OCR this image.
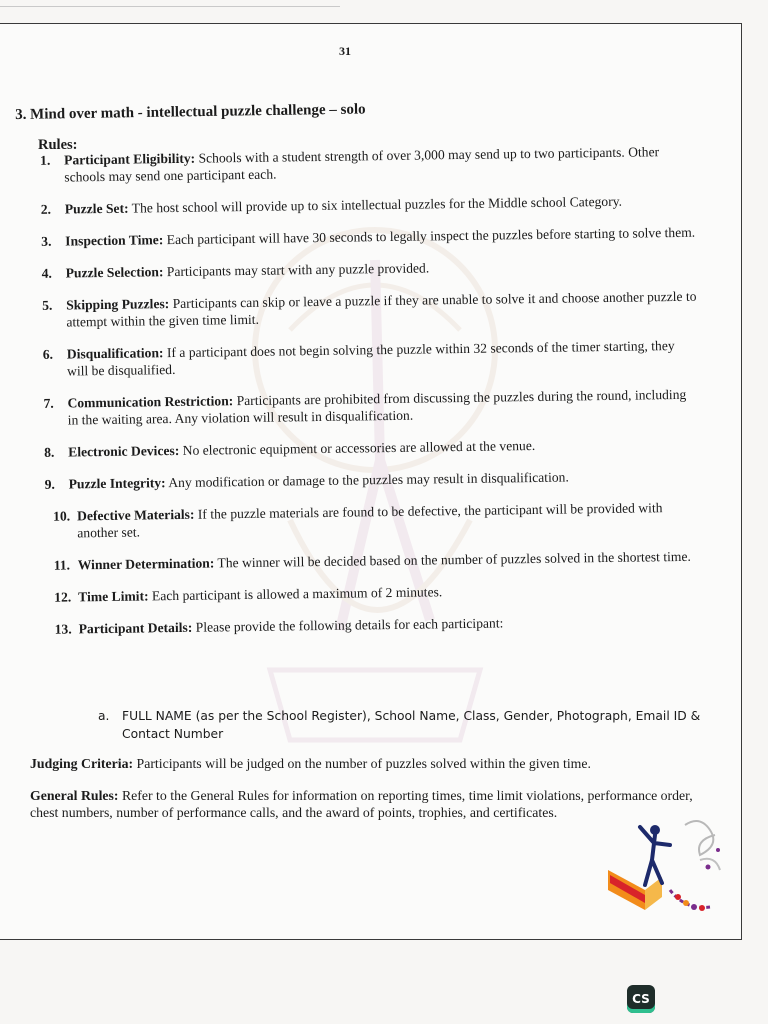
31
3. Mind over math - intellectual puzzle challenge – solo
Rules:
1. Participant Eligibility: Schools with a student strength of over 3,000 may send up to two participants. Other schools may send one participant each.
2. Puzzle Set: The host school will provide up to six intellectual puzzles for the Middle school Category.
3. Inspection Time: Each participant will have 30 seconds to legally inspect the puzzles before starting to solve them.
4. Puzzle Selection: Participants may start with any puzzle provided.
5. Skipping Puzzles: Participants can skip or leave a puzzle if they are unable to solve it and choose another puzzle to attempt within the given time limit.
6. Disqualification: If a participant does not begin solving the puzzle within 32 seconds of the timer starting, they will be disqualified.
7. Communication Restriction: Participants are prohibited from discussing the puzzles during the round, including in the waiting area. Any violation will result in disqualification.
8. Electronic Devices: No electronic equipment or accessories are allowed at the venue.
9. Puzzle Integrity: Any modification or damage to the puzzles may result in disqualification.
10. Defective Materials: If the puzzle materials are found to be defective, the participant will be provided with another set.
11. Winner Determination: The winner will be decided based on the number of puzzles solved in the shortest time.
12. Time Limit: Each participant is allowed a maximum of 2 minutes.
13. Participant Details: Please provide the following details for each participant:
a.	FULL NAME (as per the School Register), School Name, Class, Gender, Photograph, Email ID & Contact Number
Judging Criteria: Participants will be judged on the number of puzzles solved within the given time.
General Rules: Refer to the General Rules for information on reporting times, time limit violations, performance order, chest numbers, number of performance calls, and the award of points, trophies, and certificates.
CS
